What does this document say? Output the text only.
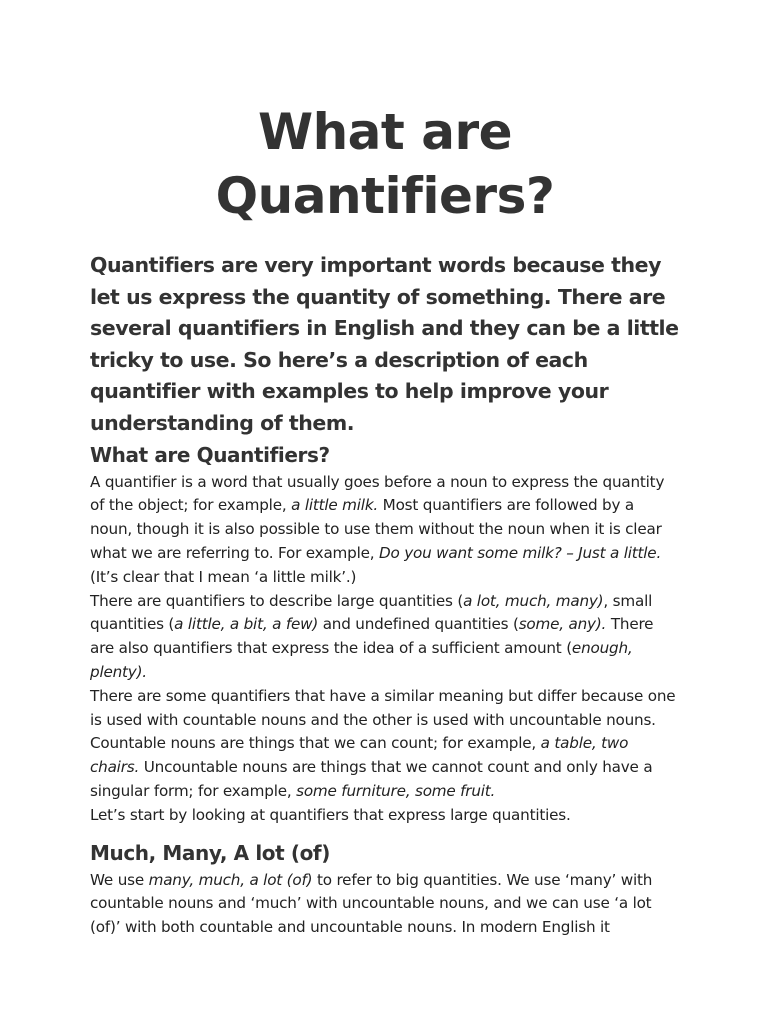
What are Quantifiers?

Quantifiers are very important words because they let us express the quantity of something. There are several quantifiers in English and they can be a little tricky to use. So here’s a description of each quantifier with examples to help improve your understanding of them.

What are Quantifiers?

A quantifier is a word that usually goes before a noun to express the quantity of the object; for example, a little milk. Most quantifiers are followed by a noun, though it is also possible to use them without the noun when it is clear what we are referring to. For example, Do you want some milk? – Just a little. (It’s clear that I mean ‘a little milk’.)

There are quantifiers to describe large quantities (a lot, much, many), small quantities (a little, a bit, a few) and undefined quantities (some, any). There are also quantifiers that express the idea of a sufficient amount (enough, plenty).

There are some quantifiers that have a similar meaning but differ because one is used with countable nouns and the other is used with uncountable nouns. Countable nouns are things that we can count; for example, a table, two chairs. Uncountable nouns are things that we cannot count and only have a singular form; for example, some furniture, some fruit.

Let’s start by looking at quantifiers that express large quantities.

Much, Many, A lot (of)

We use many, much, a lot (of) to refer to big quantities. We use ‘many’ with countable nouns and ‘much’ with uncountable nouns, and we can use ‘a lot (of)’ with both countable and uncountable nouns. In modern English it
